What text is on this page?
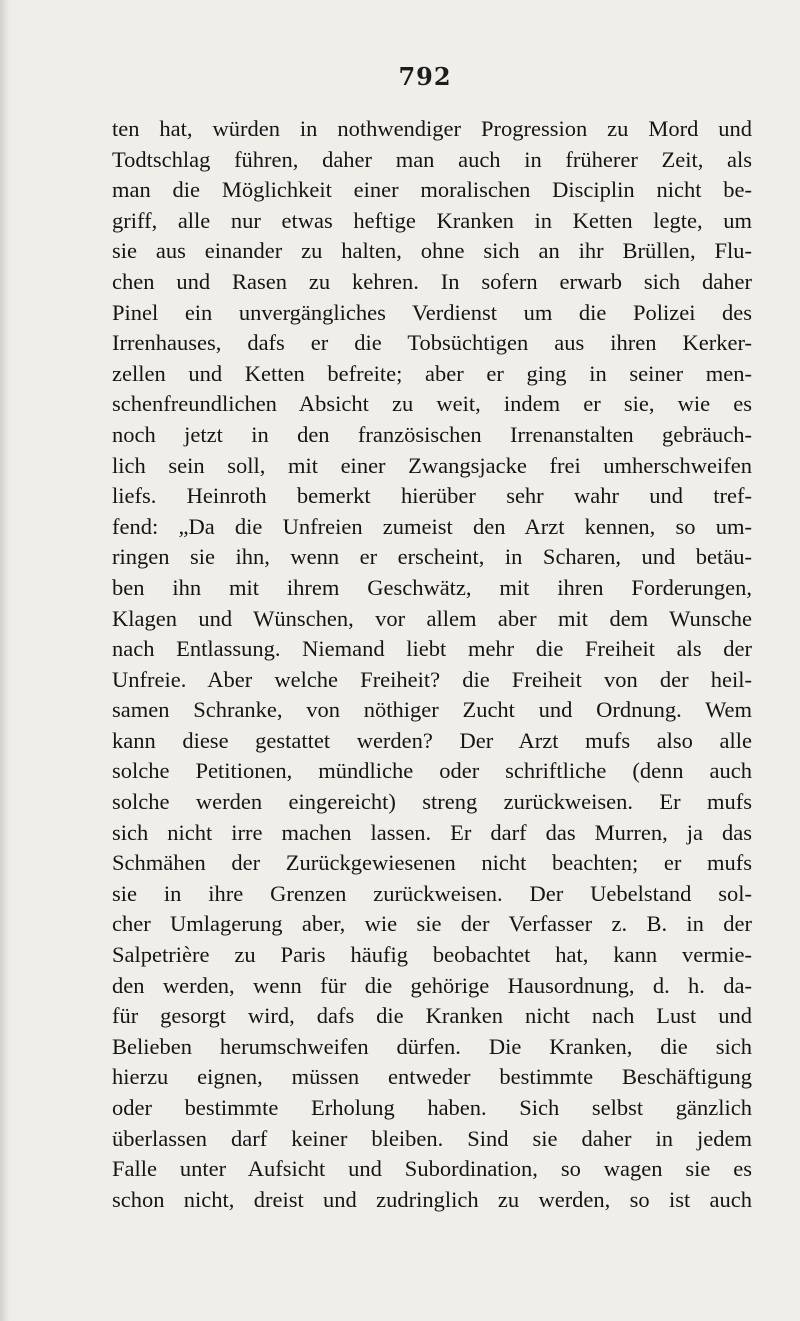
792
ten hat, würden in nothwendiger Progression zu Mord und
Todtschlag führen, daher man auch in früherer Zeit, als
man die Möglichkeit einer moralischen Disciplin nicht be-
griff, alle nur etwas heftige Kranken in Ketten legte, um
sie aus einander zu halten, ohne sich an ihr Brüllen, Flu-
chen und Rasen zu kehren. In sofern erwarb sich daher
Pinel ein unvergängliches Verdienst um die Polizei des
Irrenhauses, dafs er die Tobsüchtigen aus ihren Kerker-
zellen und Ketten befreite; aber er ging in seiner men-
schenfreundlichen Absicht zu weit, indem er sie, wie es
noch jetzt in den französischen Irrenanstalten gebräuch-
lich sein soll, mit einer Zwangsjacke frei umherschweifen
liefs. Heinroth bemerkt hierüber sehr wahr und tref-
fend: „Da die Unfreien zumeist den Arzt kennen, so um-
ringen sie ihn, wenn er erscheint, in Scharen, und betäu-
ben ihn mit ihrem Geschwätz, mit ihren Forderungen,
Klagen und Wünschen, vor allem aber mit dem Wunsche
nach Entlassung. Niemand liebt mehr die Freiheit als der
Unfreie. Aber welche Freiheit? die Freiheit von der heil-
samen Schranke, von nöthiger Zucht und Ordnung. Wem
kann diese gestattet werden? Der Arzt mufs also alle
solche Petitionen, mündliche oder schriftliche (denn auch
solche werden eingereicht) streng zurückweisen. Er mufs
sich nicht irre machen lassen. Er darf das Murren, ja das
Schmähen der Zurückgewiesenen nicht beachten; er mufs
sie in ihre Grenzen zurückweisen. Der Uebelstand sol-
cher Umlagerung aber, wie sie der Verfasser z. B. in der
Salpetrière zu Paris häufig beobachtet hat, kann vermie-
den werden, wenn für die gehörige Hausordnung, d. h. da-
für gesorgt wird, dafs die Kranken nicht nach Lust und
Belieben herumschweifen dürfen. Die Kranken, die sich
hierzu eignen, müssen entweder bestimmte Beschäftigung
oder bestimmte Erholung haben. Sich selbst gänzlich
überlassen darf keiner bleiben. Sind sie daher in jedem
Falle unter Aufsicht und Subordination, so wagen sie es
schon nicht, dreist und zudringlich zu werden, so ist auch
